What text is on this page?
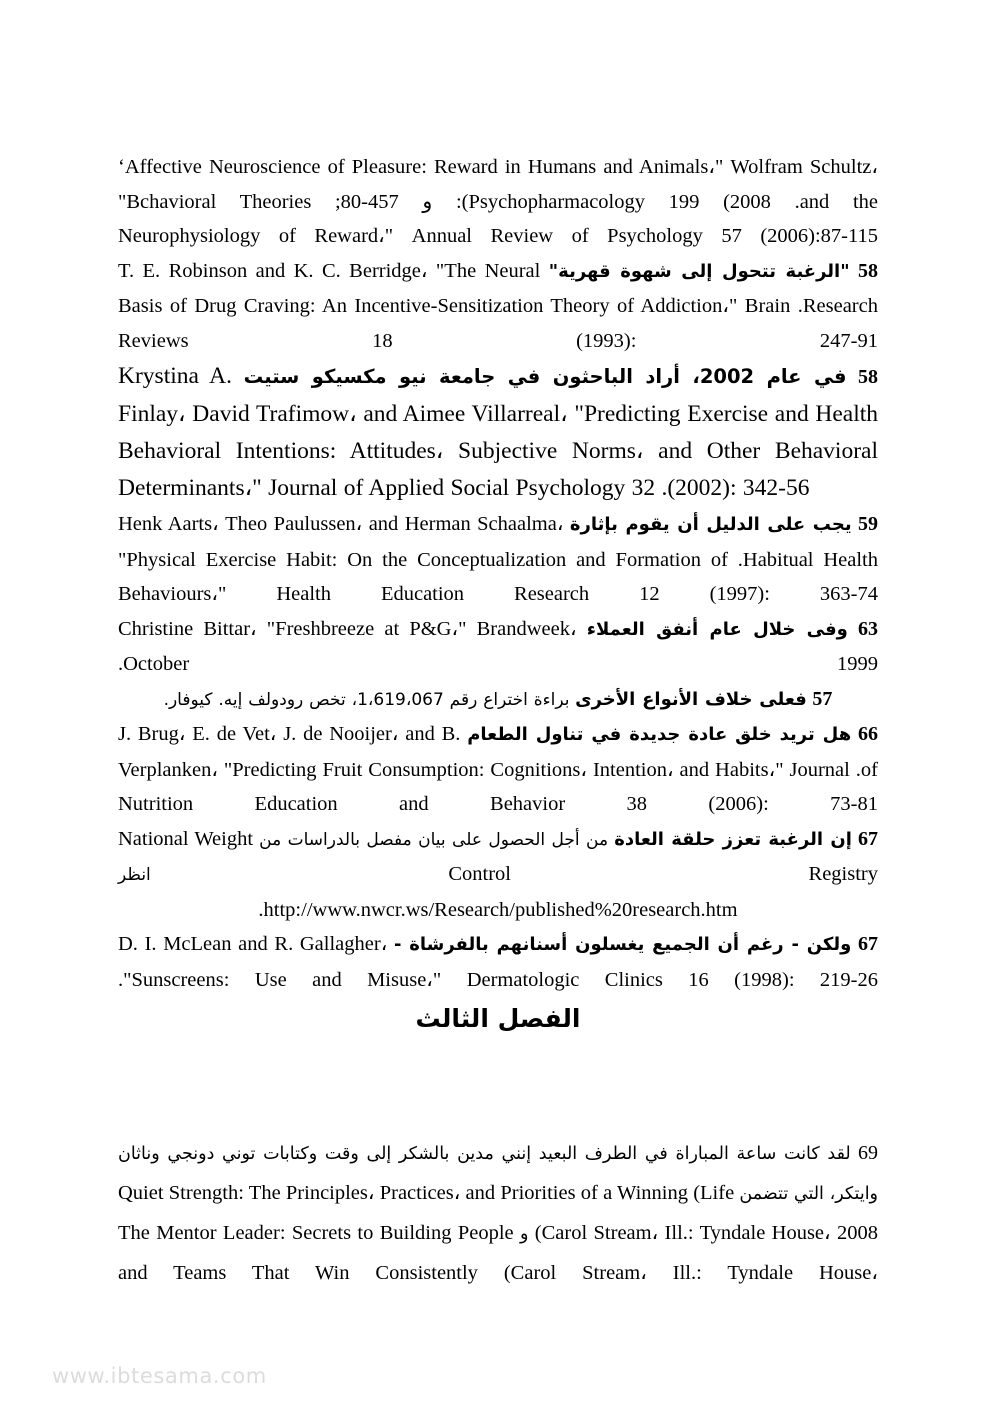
‘Affective Neuroscience of Pleasure: Reward in Humans and Animals،" Wolfram Schultz، "Bchavioral Theories ;80-457 و :(Psychopharmacology 199 (2008 .and the Neurophysiology of Reward،" Annual Review of Psychology 57 (2006):87-115

58 "الرغبة تتحول إلى شهوة قهرية" T. E. Robinson and K. C. Berridge، "The Neural Basis of Drug Craving: An Incentive-Sensitization Theory of Addiction،" Brain .Research Reviews 18 (1993): 247-91

58 في عام 2002، أراد الباحثون في جامعة نيو مكسيكو ستيت Krystina A. Finlay، David Trafimow، and Aimee Villarreal، "Predicting Exercise and Health Behavioral Intentions: Attitudes، Subjective Norms، and Other Behavioral Determinants،" Journal of Applied Social Psychology 32 .(2002): 342-56

59 يجب على الدليل أن يقوم بإثارة Henk Aarts، Theo Paulussen، and Herman Schaalma، "Physical Exercise Habit: On the Conceptualization and Formation of .Habitual Health Behaviours،" Health Education Research 12 (1997): 363-74

63 وفى خلال عام أنفق العملاء Christine Bittar، "Freshbreeze at P&G،" Brandweek، .October 1999

57 فعلى خلاف الأنواع الأخرى براءة اختراع رقم 1،619،067، تخص رودولف إيه. كيوفار.

66 هل تريد خلق عادة جديدة في تناول الطعام J. Brug، E. de Vet، J. de Nooijer، and B. Verplanken، "Predicting Fruit Consumption: Cognitions، Intention، and Habits،" Journal .of Nutrition Education and Behavior 38 (2006): 73-81

67 إن الرغبة تعزز حلقة العادة من أجل الحصول على بيان مفصل بالدراسات من National Weight Control Registry انظر

.http://www.nwcr.ws/Research/published%20research.htm

67 ولكن - رغم أن الجميع يغسلون أسنانهم بالفرشاة - D. I. McLean and R. Gallagher، ."Sunscreens: Use and Misuse،" Dermatologic Clinics 16 (1998): 219-26

الفصل الثالث

69 لقد كانت ساعة المباراة في الطرف البعيد إنني مدين بالشكر إلى وقت وكتابات توني دونجي وناثان وايتكر، التي تتضمن Quiet Strength: The Principles، Practices، and Priorities of a Winning (Life (Carol Stream، Ill.: Tyndale House، 2008 و The Mentor Leader: Secrets to Building People and Teams That Win Consistently (Carol Stream، Ill.: Tyndale House،

www.ibtesama.com
